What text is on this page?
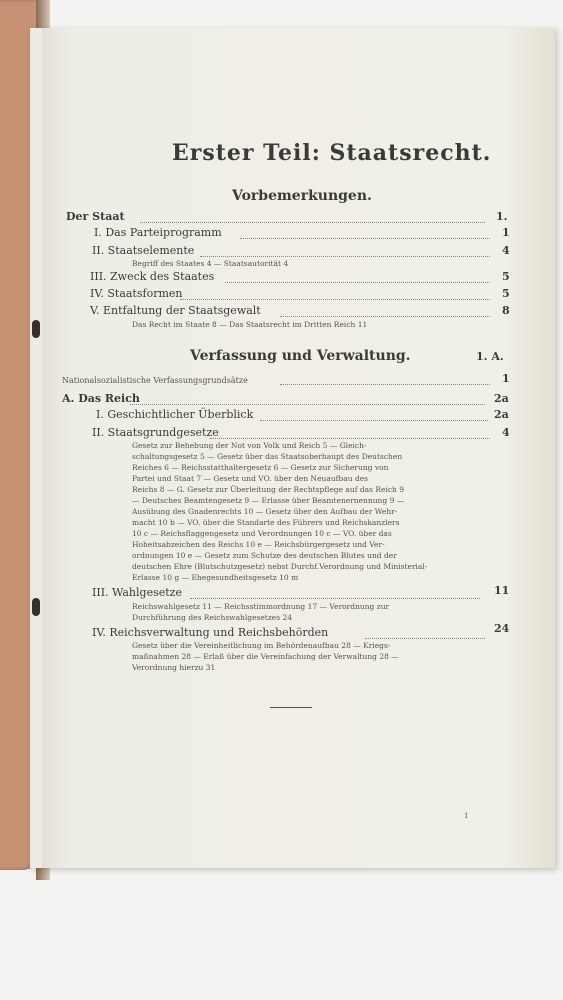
Erster Teil: Staatsrecht.
Vorbemerkungen.
Der Staat	1.
I. Das Parteiprogramm	1
II. Staatselemente	4
Begriff des Staates 4 — Staatsautorität 4
III. Zweck des Staates	5
IV. Staatsformen	5
V. Entfaltung der Staatsgewalt	8
Das Recht im Staate 8 — Das Staatsrecht im Dritten Reich 11
Verfassung und Verwaltung.	1. A.
Nationalsozialistische Verfassungsgrundsätze	1
A. Das Reich	2a
I. Geschichtlicher Überblick	2a
II. Staatsgrundgesetze	4
Gesetz zur Behebung der Not von Volk und Reich 5 — Gleich-
schaltungsgesetz 5 — Gesetz über das Staatsoberhaupt des Deutschen
Reiches 6 — Reichsstatthaltergesetz 6 — Gesetz zur Sicherung von
Partei und Staat 7 — Gesetz und VO. über den Neuaufbau des
Reichs 8 — G. Gesetz zur Überleitung der Rechtspflege auf das Reich 9
— Deutsches Beamtengesetz 9 — Erlasse über Beamtenernennung 9 —
Ausübung des Gnadenrechts 10 — Gesetz über den Aufbau der Wehr-
macht 10 b — VO. über die Standarte des Führers und Reichskanzlers
10 c — Reichsflaggengesetz und Verordnungen 10 c — VO. über das
Hoheitsabzeichen des Reichs 10 e — Reichsbürgergesetz und Ver-
ordnungen 10 e — Gesetz zum Schutze des deutschen Blutes und der
deutschen Ehre (Blutschutzgesetz) nebst Durchf.Verordnung und Ministerial-
Erlasse 10 g — Ehegesundheitsgesetz 10 m
III. Wahlgesetze	11
Reichswahlgesetz 11 — Reichsstimmordnung 17 — Verordnung zur
Durchführung des Reichswahlgesetzes 24
IV. Reichsverwaltung und Reichsbehörden	24
Gesetz über die Vereinheitlichung im Behördenaufbau 28 — Kriegs-
maßnahmen 28 — Erlaß über die Vereinfachung der Verwaltung 28 —
Verordnung hierzu 31
1
